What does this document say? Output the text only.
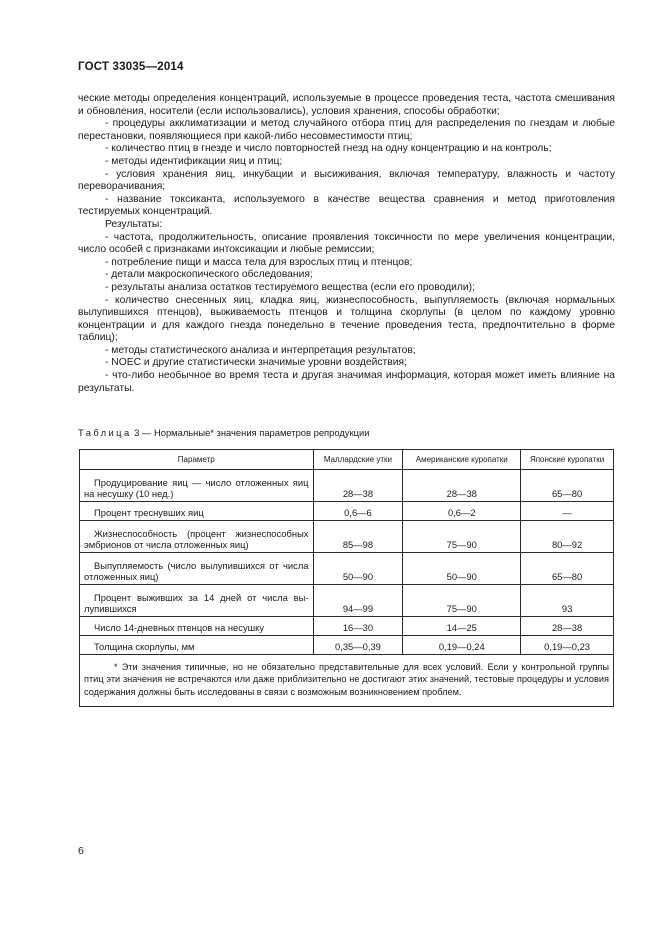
ГОСТ 33035—2014

ческие методы определения концентраций, используемые в процессе проведения теста, частота смешивания и обновления, носители (если использовались), условия хранения, способы обработки;

- процедуры акклиматизации и метод случайного отбора птиц для распределения по гнездам и любые перестановки, появляющиеся при какой-либо несовместимости птиц;

- количество птиц в гнезде и число повторностей гнезд на одну концентрацию и на контроль;

- методы идентификации яиц и птиц;

- условия хранения яиц, инкубации и высиживания, включая температуру, влажность и частоту переворачивания;

- название токсиканта, используемого в качестве вещества сравнения и метод приготовления тестируемых концентраций.

Результаты:

- частота, продолжительность, описание проявления токсичности по мере увеличения концентрации, число особей с признаками интоксикации и любые ремиссии;

- потребление пищи и масса тела для взрослых птиц и птенцов;

- детали макроскопического обследования;

- результаты анализа остатков тестируемого вещества (если его проводили);

- количество снесенных яиц, кладка яиц, жизнеспособность, выпупляемость (включая нормальных вылупившихся птенцов), выживаемость птенцов и толщина скорлупы (в целом по каждому уровню концентрации и для каждого гнезда понедельно в течение проведения теста, предпочтительно в форме таблиц);

- методы статистического анализа и интерпретация результатов;

- NOEC и другие статистически значимые уровни воздействия;

- что-либо необычное во время теста и другая значимая информация, которая может иметь влияние на результаты.

Таблица 3 — Нормальные* значения параметров репродукции
Параметр	Маллардские утки	Американские куропатки	Японские куропатки
Продуцирование яиц — число отложенных яиц на несушку (10 нед.)	28—38	28—38	65—80
Процент треснувших яиц	0,6—6	0,6—2	—
Жизнеспособность (процент жизнеспособных эмбрионов от числа отложенных яиц)	85—98	75—90	80—92
Выпупляемость (число вылупившихся от числа отложенных яиц)	50—90	50—90	65—80
Процент выживших за 14 дней от числа вылупившихся	94—99	75—90	93
Число 14-дневных птенцов на несушку	16—30	14—25	28—38
Толщина скорлупы, мм	0,35—0,39	0,19—0,24	0,19—0,23
* Эти значения типичные, но не обязательно представительные для всех условий. Если у контрольной группы птиц эти значения не встречаются или даже приблизительно не достигают этих значений, тестовые процедуры и условия содержания должны быть исследованы в связи с возможным возникновением проблем.			
6
